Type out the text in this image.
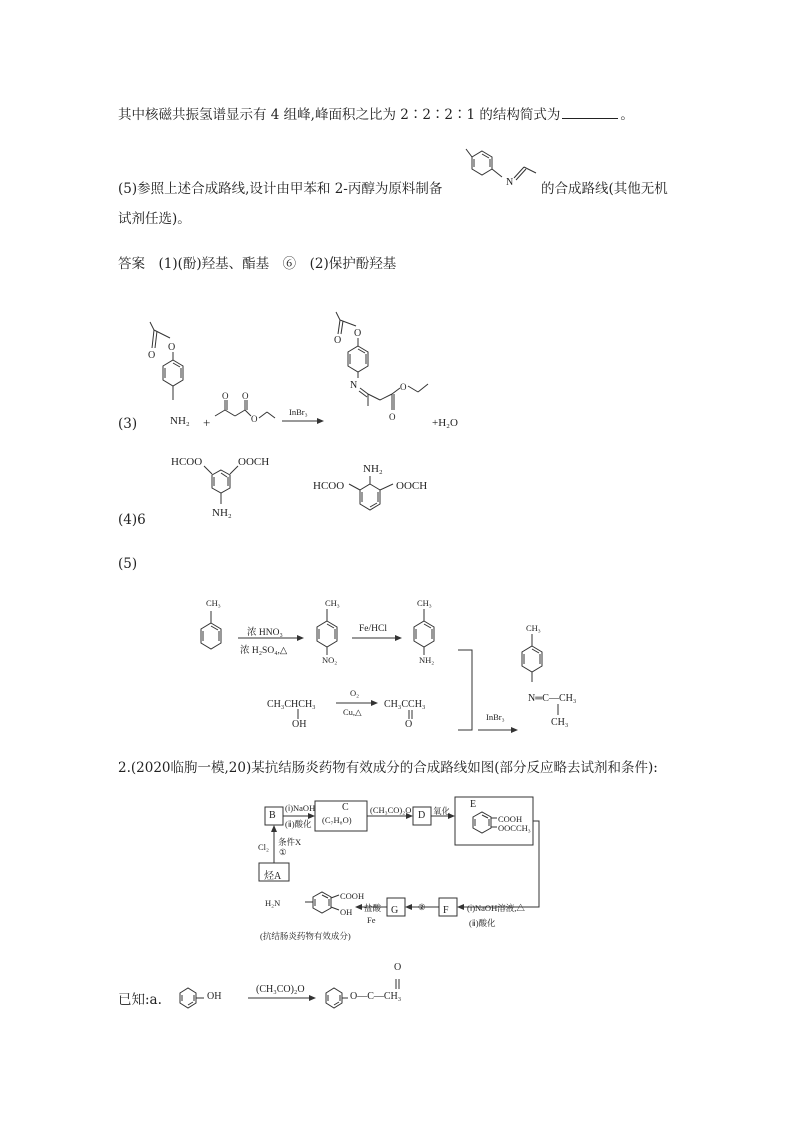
其中核磁共振氢谱显示有 4 组峰,峰面积之比为 2∶2∶2∶1 的结构简式为	。
(5)参照上述合成路线,设计由甲苯和 2-丙醇为原料制备	N 的合成路线(其他无机
试剂任选)。
答案　(1)(酚)羟基、酯基　⑥　(2)保护酚羟基
(3)
O
O
NH₂ +
O O
O
InBr₃
O
O
N
O
O
+H₂O
(4)6
HCOO	OOCH
NH₂
NH₂
HCOO	OOCH
(5)
CH₃
浓 HNO₃
浓 H₂SO₄,△
CH₃
NO₂
Fe/HCl
CH₃
NH₂
CH₃CHCH₃
OH
O₂
Cu,△
CH₃CCH₃
O
InBr₃
CH₃
N═C—CH₃
CH₃
2.(2020临朐一模,20)某抗结肠炎药物有效成分的合成路线如图(部分反应略去试剂和条件):
B
C
(C₇H₈O)	D
E
COOH
OOCCH₃
烃A
F
G
(ⅰ)NaOH
(ⅱ)酸化
(CH₃CO)₂O	氧化
Cl₂ 条件X
①
(ⅰ)NaOH溶液,△
(ⅱ)酸化
②
盐酸
Fe
H₂N
COOH
OH
(抗结肠炎药物有效成分)
已知:a.	OH
(CH₃CO)₂O
O
O—C—CH₃
